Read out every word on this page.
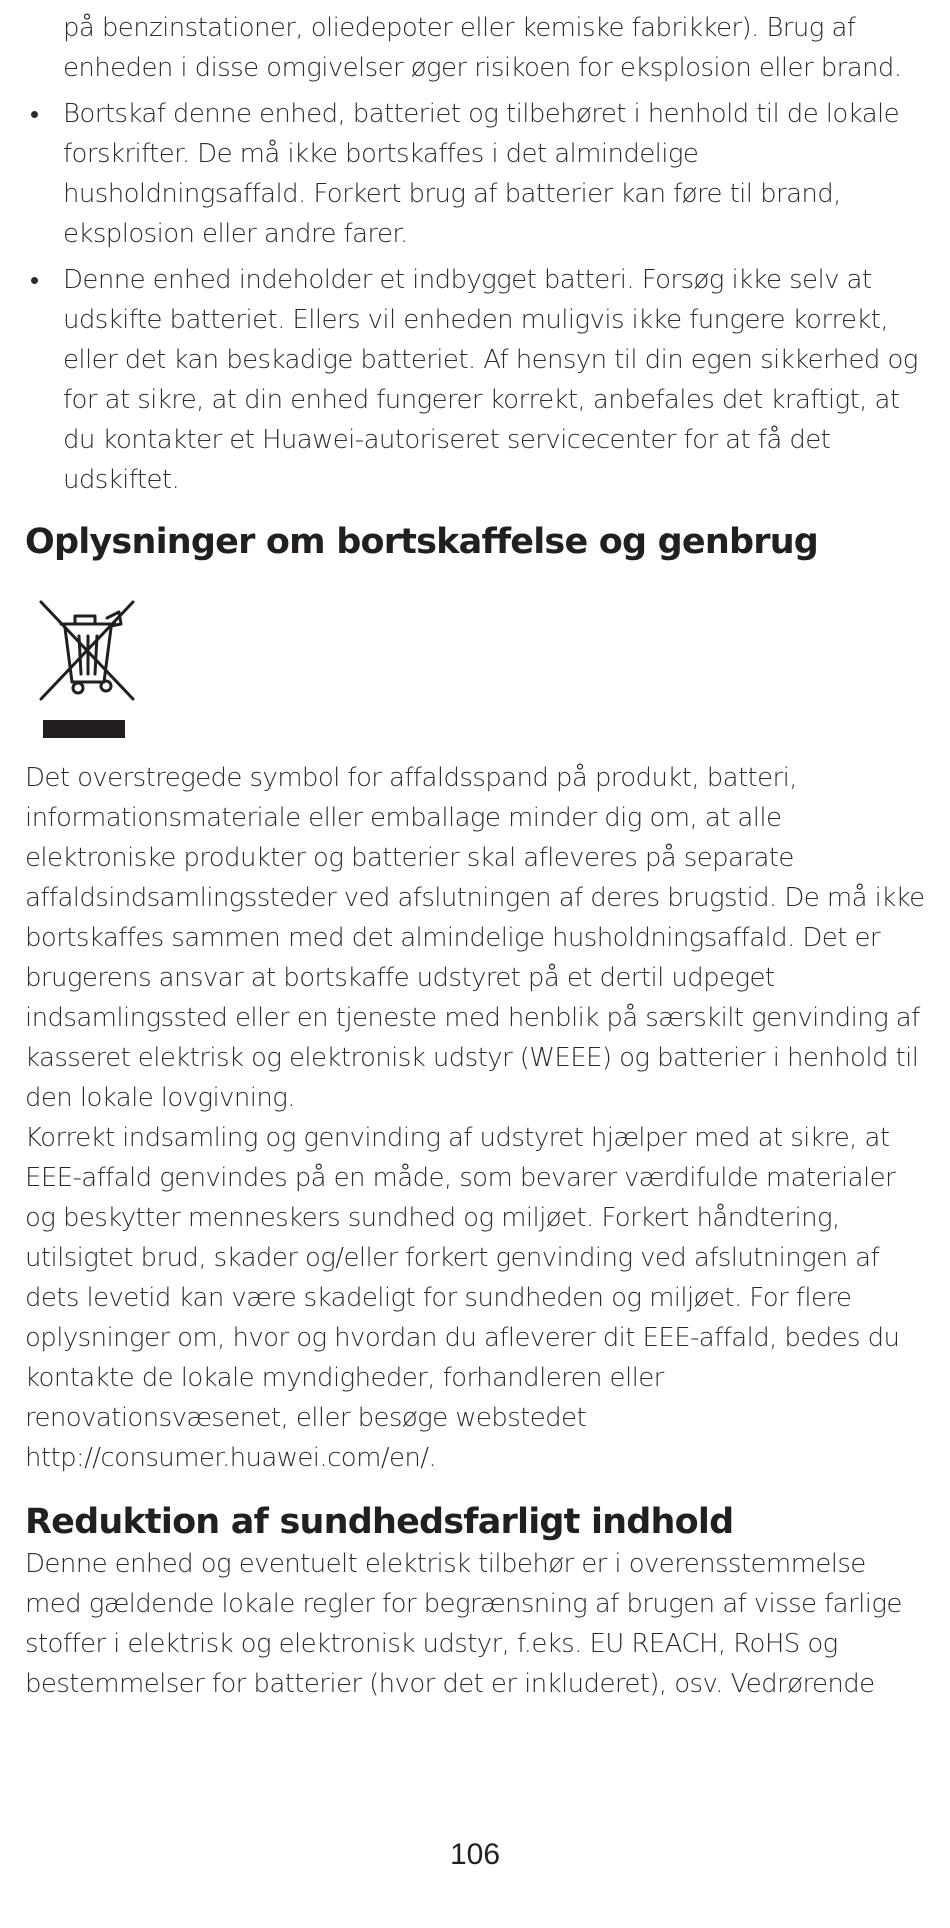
på benzinstationer, oliedepoter eller kemiske fabrikker). Brug af enheden i disse omgivelser øger risikoen for eksplosion eller brand.
Bortskaf denne enhed, batteriet og tilbehøret i henhold til de lokale forskrifter. De må ikke bortskaffes i det almindelige husholdningsaffald. Forkert brug af batterier kan føre til brand, eksplosion eller andre farer.
Denne enhed indeholder et indbygget batteri. Forsøg ikke selv at udskifte batteriet. Ellers vil enheden muligvis ikke fungere korrekt, eller det kan beskadige batteriet. Af hensyn til din egen sikkerhed og for at sikre, at din enhed fungerer korrekt, anbefales det kraftigt, at du kontakter et Huawei-autoriseret servicecenter for at få det udskiftet.
Oplysninger om bortskaffelse og genbrug
Det overstregede symbol for affaldsspand på produkt, batteri, informationsmateriale eller emballage minder dig om, at alle elektroniske produkter og batterier skal afleveres på separate affaldsindsamlingssteder ved afslutningen af deres brugstid. De må ikke bortskaffes sammen med det almindelige husholdningsaffald. Det er brugerens ansvar at bortskaffe udstyret på et dertil udpeget indsamlingssted eller en tjeneste med henblik på særskilt genvinding af kasseret elektrisk og elektronisk udstyr (WEEE) og batterier i henhold til den lokale lovgivning.
Korrekt indsamling og genvinding af udstyret hjælper med at sikre, at EEE-affald genvindes på en måde, som bevarer værdifulde materialer og beskytter menneskers sundhed og miljøet. Forkert håndtering, utilsigtet brud, skader og/eller forkert genvinding ved afslutningen af dets levetid kan være skadeligt for sundheden og miljøet. For flere oplysninger om, hvor og hvordan du afleverer dit EEE-affald, bedes du kontakte de lokale myndigheder, forhandleren eller renovationsvæsenet, eller besøge webstedet http://consumer.huawei.com/en/.
Reduktion af sundhedsfarligt indhold
Denne enhed og eventuelt elektrisk tilbehør er i overensstemmelse med gældende lokale regler for begrænsning af brugen af visse farlige stoffer i elektrisk og elektronisk udstyr, f.eks. EU REACH, RoHS og bestemmelser for batterier (hvor det er inkluderet), osv. Vedrørende
106
